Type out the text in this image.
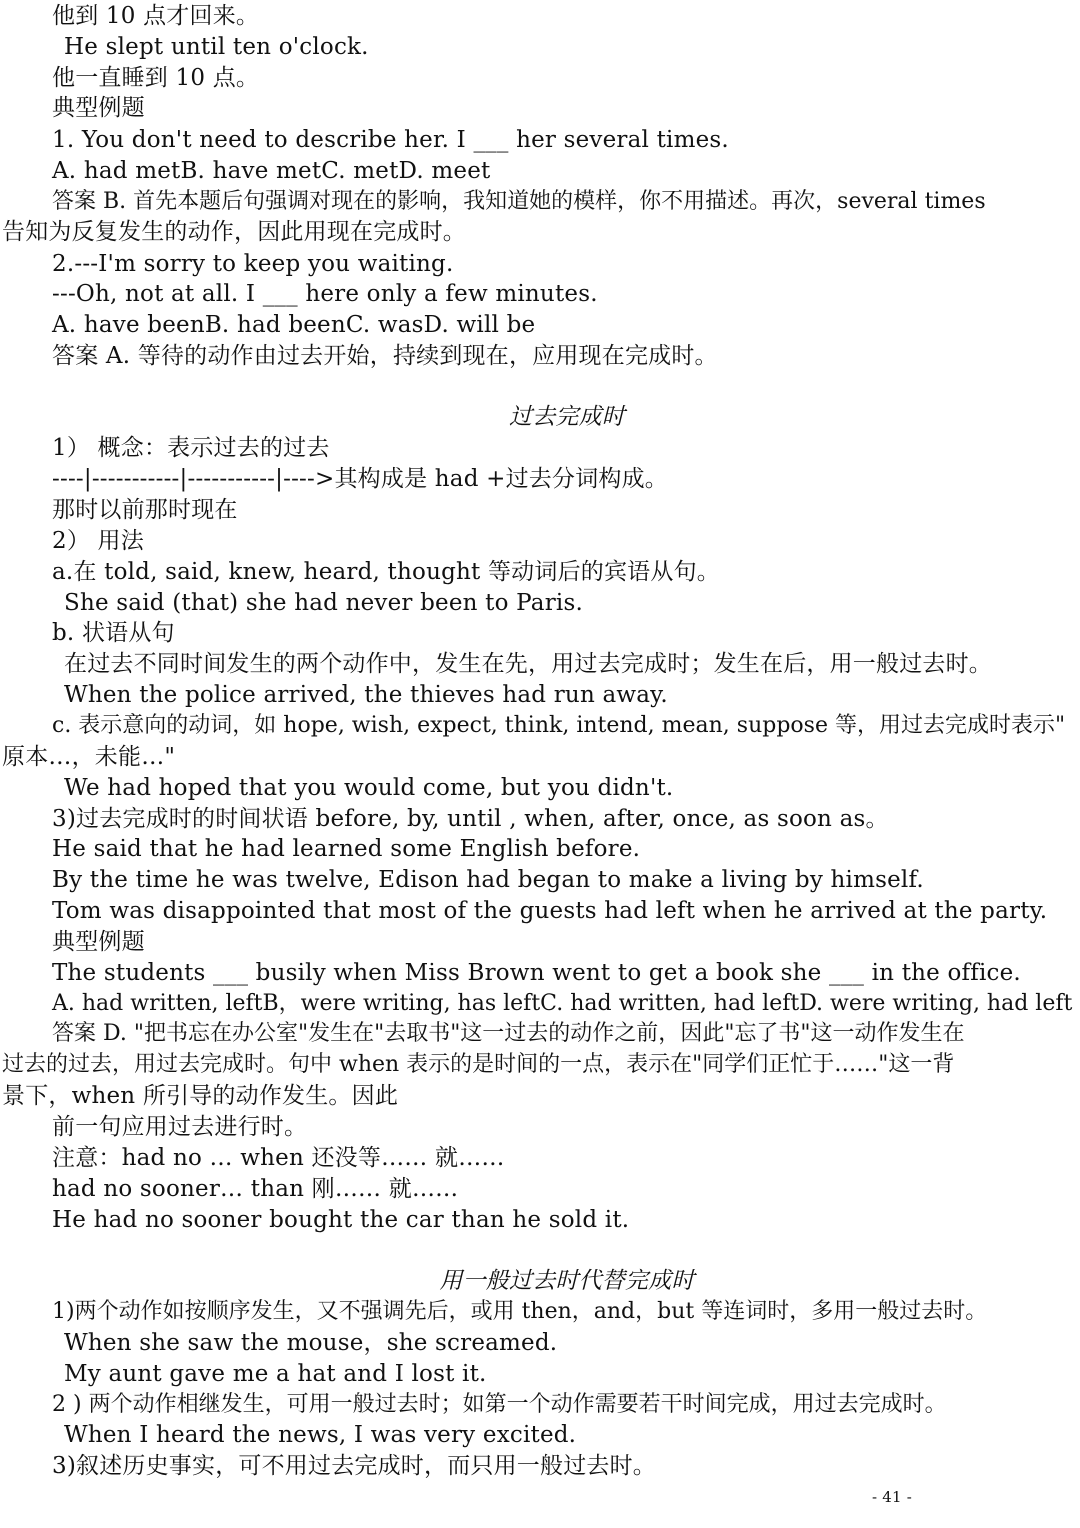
他到 10 点才回来。
He slept until ten o'clock.
他一直睡到 10 点。
典型例题
1. You don't need to describe her. I ___ her several times.
A. had metB. have metC. metD. meet
答案 B. 首先本题后句强调对现在的影响，我知道她的模样，你不用描述。再次，several times
告知为反复发生的动作，因此用现在完成时。
2.---I'm sorry to keep you waiting.
---Oh, not at all. I ___ here only a few minutes.
A. have beenB. had beenC. wasD. will be
答案 A. 等待的动作由过去开始，持续到现在，应用现在完成时。
过去完成时
1） 概念：表示过去的过去
----|-----------|-----------|---->其构成是 had +过去分词构成。
那时以前那时现在
2） 用法
a.在 told, said, knew, heard, thought 等动词后的宾语从句。
She said (that) she had never been to Paris.
b. 状语从句
在过去不同时间发生的两个动作中，发生在先，用过去完成时；发生在后，用一般过去时。
When the police arrived, the thieves had run away.
c. 表示意向的动词，如 hope, wish, expect, think, intend, mean, suppose 等，用过去完成时表示"
原本…，未能…"
We had hoped that you would come, but you didn't.
3)过去完成时的时间状语 before, by, until , when, after, once, as soon as。
He said that he had learned some English before.
By the time he was twelve, Edison had began to make a living by himself.
Tom was disappointed that most of the guests had left when he arrived at the party.
典型例题
The students ___ busily when Miss Brown went to get a book she ___ in the office.
A. had written, leftB，were writing, has leftC. had written, had leftD. were writing, had left
答案 D. "把书忘在办公室"发生在"去取书"这一过去的动作之前，因此"忘了书"这一动作发生在
过去的过去，用过去完成时。句中 when 表示的是时间的一点，表示在"同学们正忙于……"这一背
景下，when 所引导的动作发生。因此
前一句应用过去进行时。
注意：had no … when 还没等…… 就……
had no sooner… than 刚…… 就……
He had no sooner bought the car than he sold it.
用一般过去时代替完成时
1)两个动作如按顺序发生，又不强调先后，或用 then，and，but 等连词时，多用一般过去时。
When she saw the mouse，she screamed.
My aunt gave me a hat and I lost it.
2 ) 两个动作相继发生，可用一般过去时；如第一个动作需要若干时间完成，用过去完成时。
When I heard the news, I was very excited.
3)叙述历史事实，可不用过去完成时，而只用一般过去时。
- 41 -
